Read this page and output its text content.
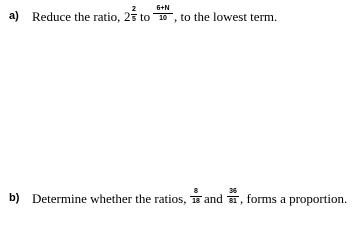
a) Reduce the ratio, 2 2
5 to
6+N
10 , to the lowest term.
b) Determine whether the ratios,	8
18 and 36
81 , forms a proportion.
